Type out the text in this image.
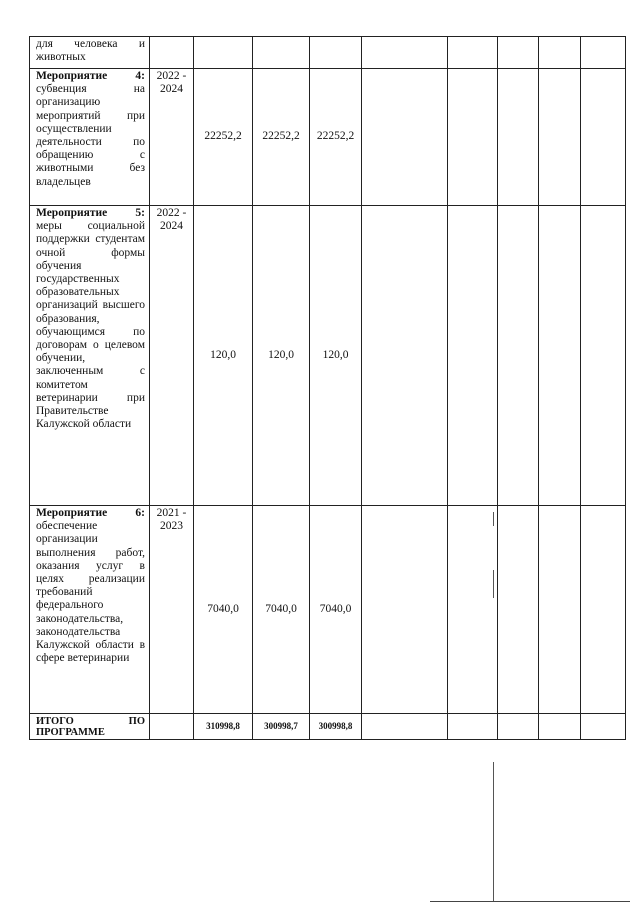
для человека и животных									
Мероприятие 4: субвенция на организацию мероприятий при осуществлении деятельности по обращению с животными без владельцев	2022 - 2024	22252,2	22252,2	22252,2					
Мероприятие 5: меры социальной поддержки студентам очной формы обучения государственных образовательных организаций высшего образования, обучающимся по договорам о целевом обучении, заключенным с комитетом ветеринарии при Правительстве Калужской области	2022 - 2024	120,0	120,0	120,0					
Мероприятие 6: обеспечение организации выполнения работ, оказания услуг в целях реализации требований федерального законодательства, законодательства Калужской области в сфере ветеринарии	2021 - 2023	7040,0	7040,0	7040,0					
ИТОГО ПО ПРОГРАММЕ		310998,8	300998,7	300998,8					
